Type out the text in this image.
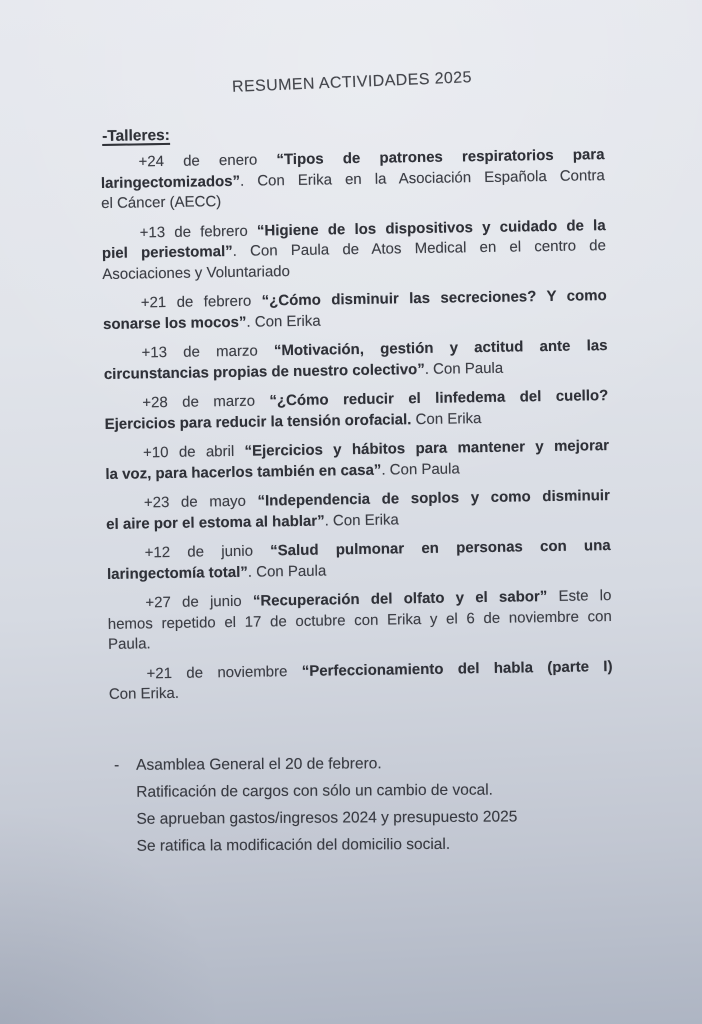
RESUMEN ACTIVIDADES 2025
-Talleres:

+24 de enero “Tipos de patrones respiratorios para
laringectomizados”. Con Erika en la Asociación Española Contra
el Cáncer (AECC)

+13 de febrero “Higiene de los dispositivos y cuidado de la
piel periestomal”. Con Paula de Atos Medical en el centro de
Asociaciones y Voluntariado

+21 de febrero “¿Cómo disminuir las secreciones? Y como
sonarse los mocos”. Con Erika

+13 de marzo “Motivación, gestión y actitud ante las
circunstancias propias de nuestro colectivo”. Con Paula

+28 de marzo “¿Cómo reducir el linfedema del cuello?
Ejercicios para reducir la tensión orofacial. Con Erika

+10 de abril “Ejercicios y hábitos para mantener y mejorar
la voz, para hacerlos también en casa”. Con Paula

+23 de mayo “Independencia de soplos y como disminuir
el aire por el estoma al hablar”. Con Erika

+12 de junio “Salud pulmonar en personas con una
laringectomía total”. Con Paula

+27 de junio “Recuperación del olfato y el sabor” Este lo
hemos repetido el 17 de octubre con Erika y el 6 de noviembre con
Paula.

+21 de noviembre “Perfeccionamiento del habla (parte I)
Con Erika.

- Asamblea General el 20 de febrero.
Ratificación de cargos con sólo un cambio de vocal.
Se aprueban gastos/ingresos 2024 y presupuesto 2025
Se ratifica la modificación del domicilio social.
